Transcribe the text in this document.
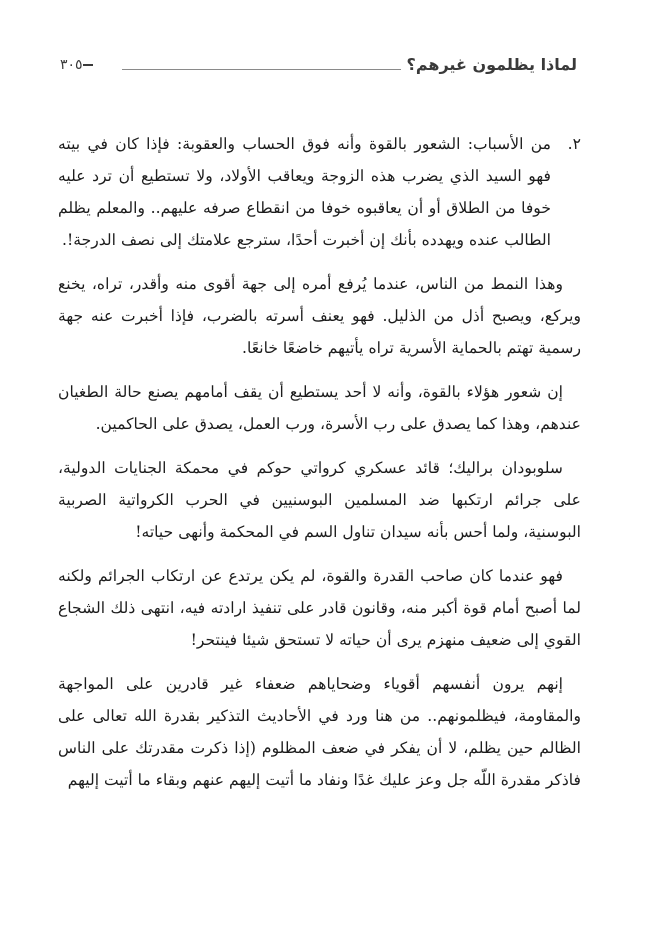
لماذا يظلمون غيرهم؟
٣٠٥

٢.
من الأسباب: الشعور بالقوة وأنه فوق الحساب والعقوبة: فإذا كان في بيته فهو السيد الذي يضرب هذه الزوجة ويعاقب الأولاد، ولا تستطيع أن ترد عليه خوفا من الطلاق أو أن يعاقبوه خوفا من انقطاع صرفه عليهم.. والمعلم يظلم الطالب عنده ويهدده بأنك إن أخبرت أحدًا، سترجع علامتك إلى نصف الدرجة!.

وهذا النمط من الناس، عندما يُرفع أمره إلى جهة أقوى منه وأقدر، تراه، يخنع ويركع، ويصبح أذل من الذليل. فهو يعنف أسرته بالضرب، فإذا أخبرت عنه جهة رسمية تهتم بالحماية الأسرية تراه يأتيهم خاضعًا خانعًا.

إن شعور هؤلاء بالقوة، وأنه لا أحد يستطيع أن يقف أمامهم يصنع حالة الطغيان عندهم، وهذا كما يصدق على رب الأسرة، ورب العمل، يصدق على الحاكمين.

سلوبودان براليك؛ قائد عسكري كرواتي حوكم في محمكة الجنايات الدولية، على جرائم ارتكبها ضد المسلمين البوسنيين في الحرب الكرواتية الصربية البوسنية، ولما أحس بأنه سيدان تناول السم في المحكمة وأنهى حياته!

فهو عندما كان صاحب القدرة والقوة، لم يكن يرتدع عن ارتكاب الجرائم ولكنه لما أصبح أمام قوة أكبر منه، وقانون قادر على تنفيذ ارادته فيه، انتهى ذلك الشجاع القوي إلى ضعيف منهزم يرى أن حياته لا تستحق شيئا فينتحر!

إنهم يرون أنفسهم أقوياء وضحاياهم ضعفاء غير قادرين على المواجهة والمقاومة، فيظلمونهم.. من هنا ورد في الأحاديث التذكير بقدرة الله تعالى على الظالم حين يظلم، لا أن يفكر في ضعف المظلوم (إذا ذكرت مقدرتك على الناس فاذكر مقدرة اللّه جل وعز عليك غدًا ونفاد ما أتيت إليهم عنهم وبقاء ما أتيت إليهم
